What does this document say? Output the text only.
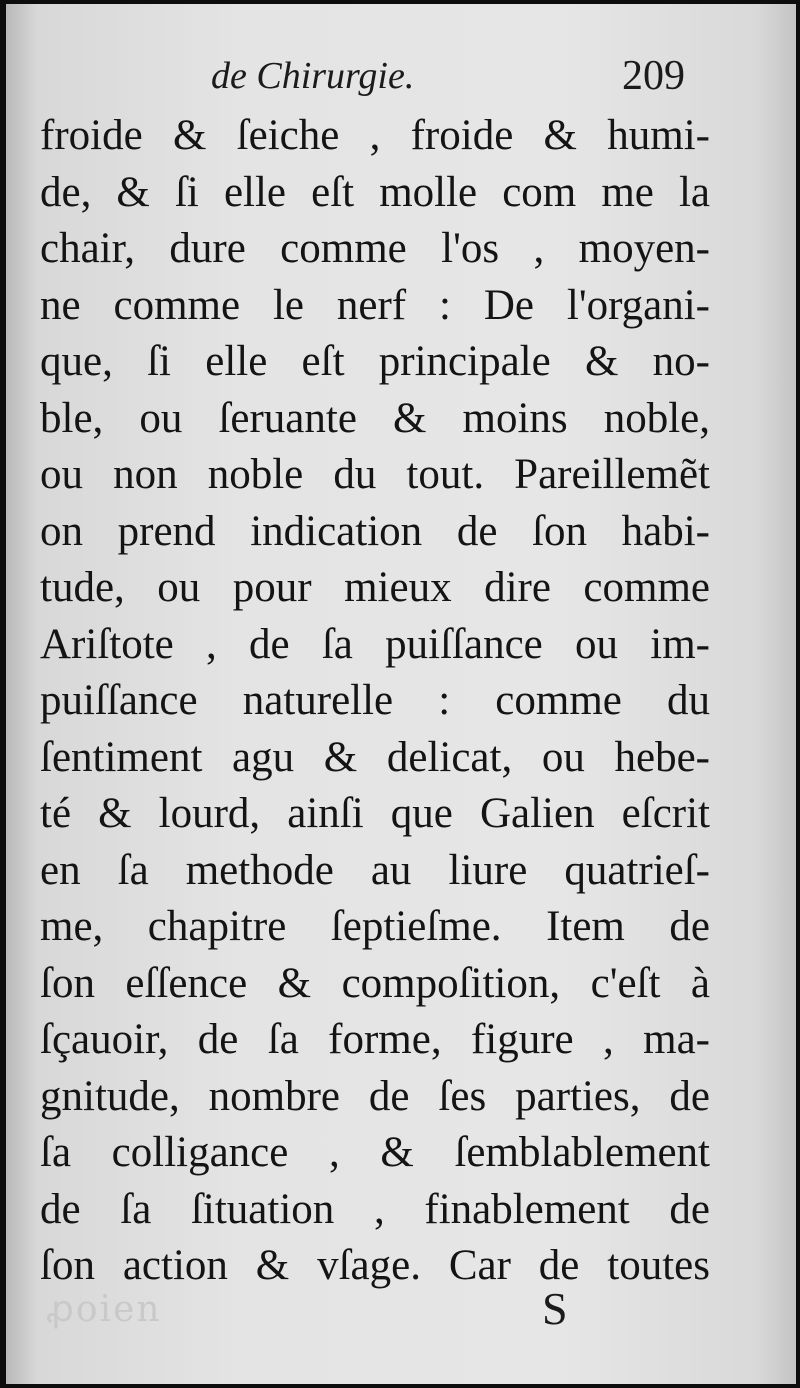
ꝓoien
de Chirurgie.	209
froide & ſeiche , froide & humi-
de, & ſi elle eſt molle com me la
chair, dure comme l'os , moyen-
ne comme le nerf : De l'organi-
que, ſi elle eſt principale & no-
ble, ou ſeruante & moins noble,
ou non noble du tout. Pareillemẽt
on prend indication de ſon habi-
tude, ou pour mieux dire comme
Ariſtote , de ſa puiſſance ou im-
puiſſance naturelle : comme du
ſentiment agu & delicat, ou hebe-
té & lourd, ainſi que Galien eſcrit
en ſa methode au liure quatrieſ-
me, chapitre ſeptieſme. Item de
ſon eſſence & compoſition, c'eſt à
ſçauoir, de ſa forme, figure , ma-
gnitude, nombre de ſes parties, de
ſa colligance , & ſemblablement
de ſa ſituation , finablement de
ſon action & vſage. Car de toutes
S
